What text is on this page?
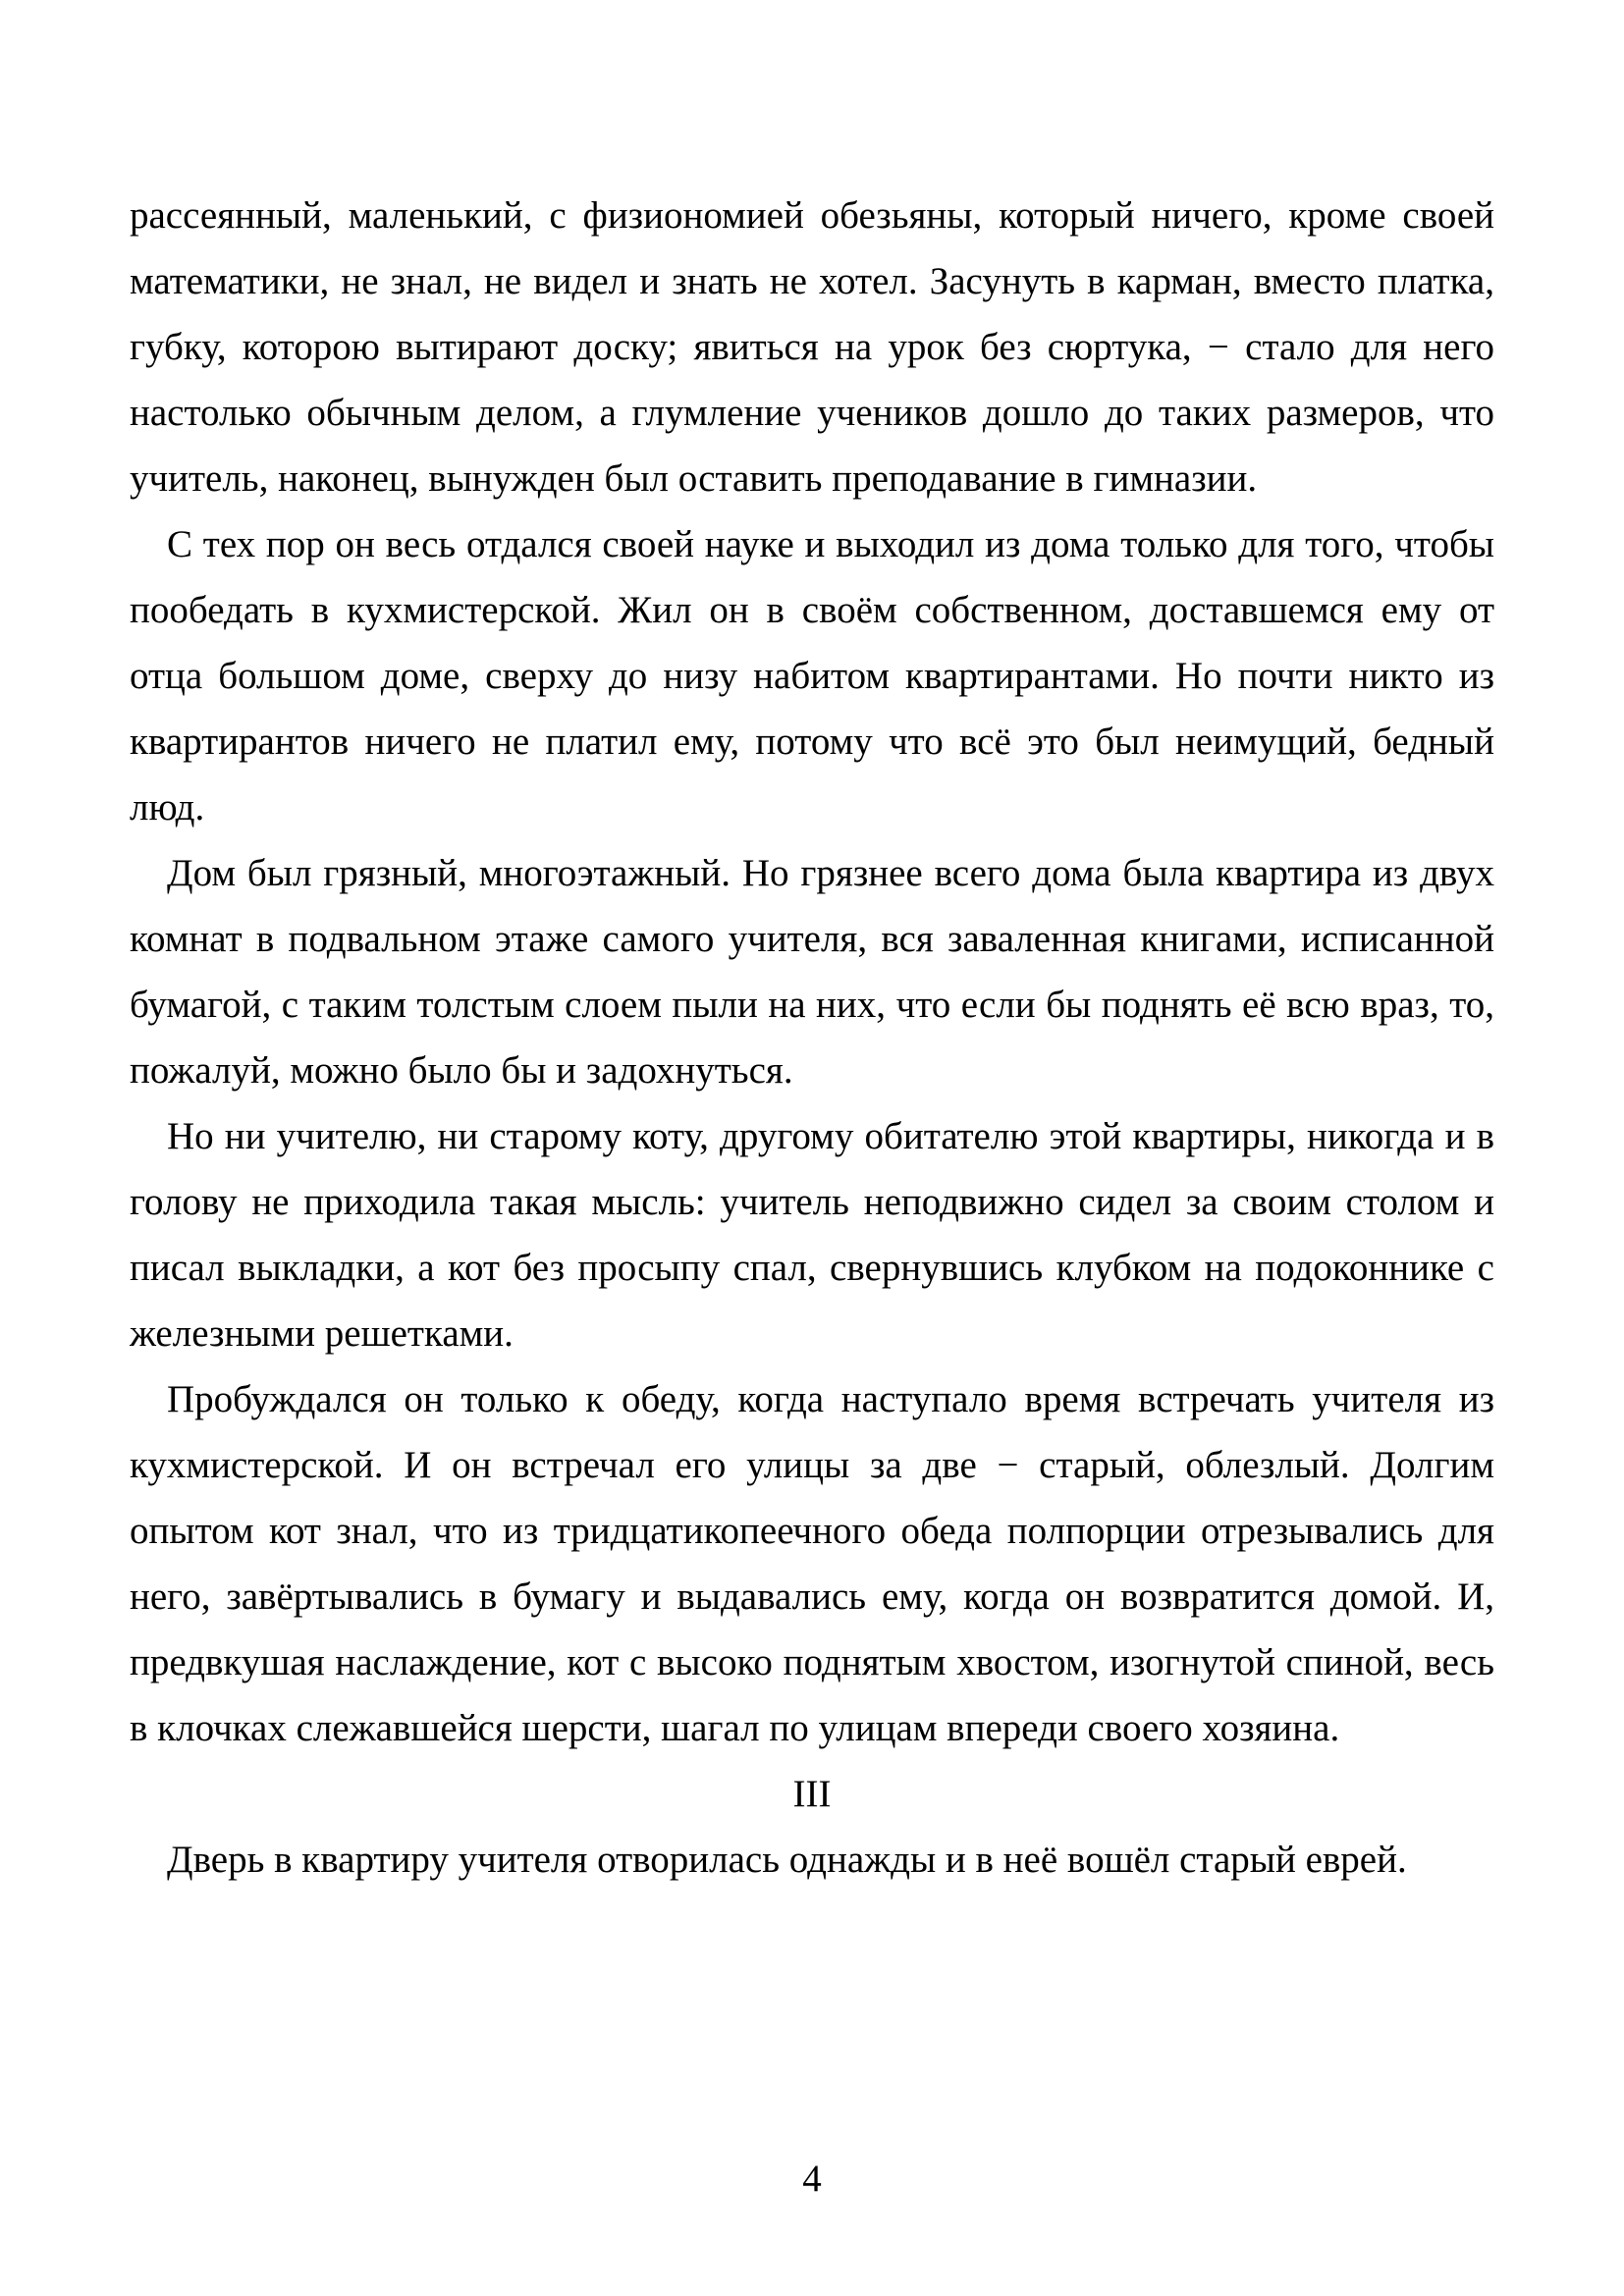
рассеянный, маленький, с физиономией обезьяны, который ничего, кроме своей математики, не знал, не видел и знать не хотел. Засунуть в карман, вместо платка, губку, которою вытирают доску; явиться на урок без сюртука, − стало для него настолько обычным делом, а глумление учеников дошло до таких размеров, что учитель, наконец, вынужден был оставить преподавание в гимназии.

С тех пор он весь отдался своей науке и выходил из дома только для того, чтобы пообедать в кухмистерской. Жил он в своём собственном, доставшемся ему от отца большом доме, сверху до низу набитом квартирантами. Но почти никто из квартирантов ничего не платил ему, потому что всё это был неимущий, бедный люд.

Дом был грязный, многоэтажный. Но грязнее всего дома была квартира из двух комнат в подвальном этаже самого учителя, вся заваленная книгами, исписанной бумагой, с таким толстым слоем пыли на них, что если бы поднять её всю враз, то, пожалуй, можно было бы и задохнуться.

Но ни учителю, ни старому коту, другому обитателю этой квартиры, никогда и в голову не приходила такая мысль: учитель неподвижно сидел за своим столом и писал выкладки, а кот без просыпу спал, свернувшись клубком на подоконнике с железными решетками.

Пробуждался он только к обеду, когда наступало время встречать учителя из кухмистерской. И он встречал его улицы за две − старый, облезлый. Долгим опытом кот знал, что из тридцатикопеечного обеда полпорции отрезывались для него, завёртывались в бумагу и выдавались ему, когда он возвратится домой. И, предвкушая наслаждение, кот с высоко поднятым хвостом, изогнутой спиной, весь в клочках слежавшейся шерсти, шагал по улицам впереди своего хозяина.

III

Дверь в квартиру учителя отворилась однажды и в неё вошёл старый еврей.

4
